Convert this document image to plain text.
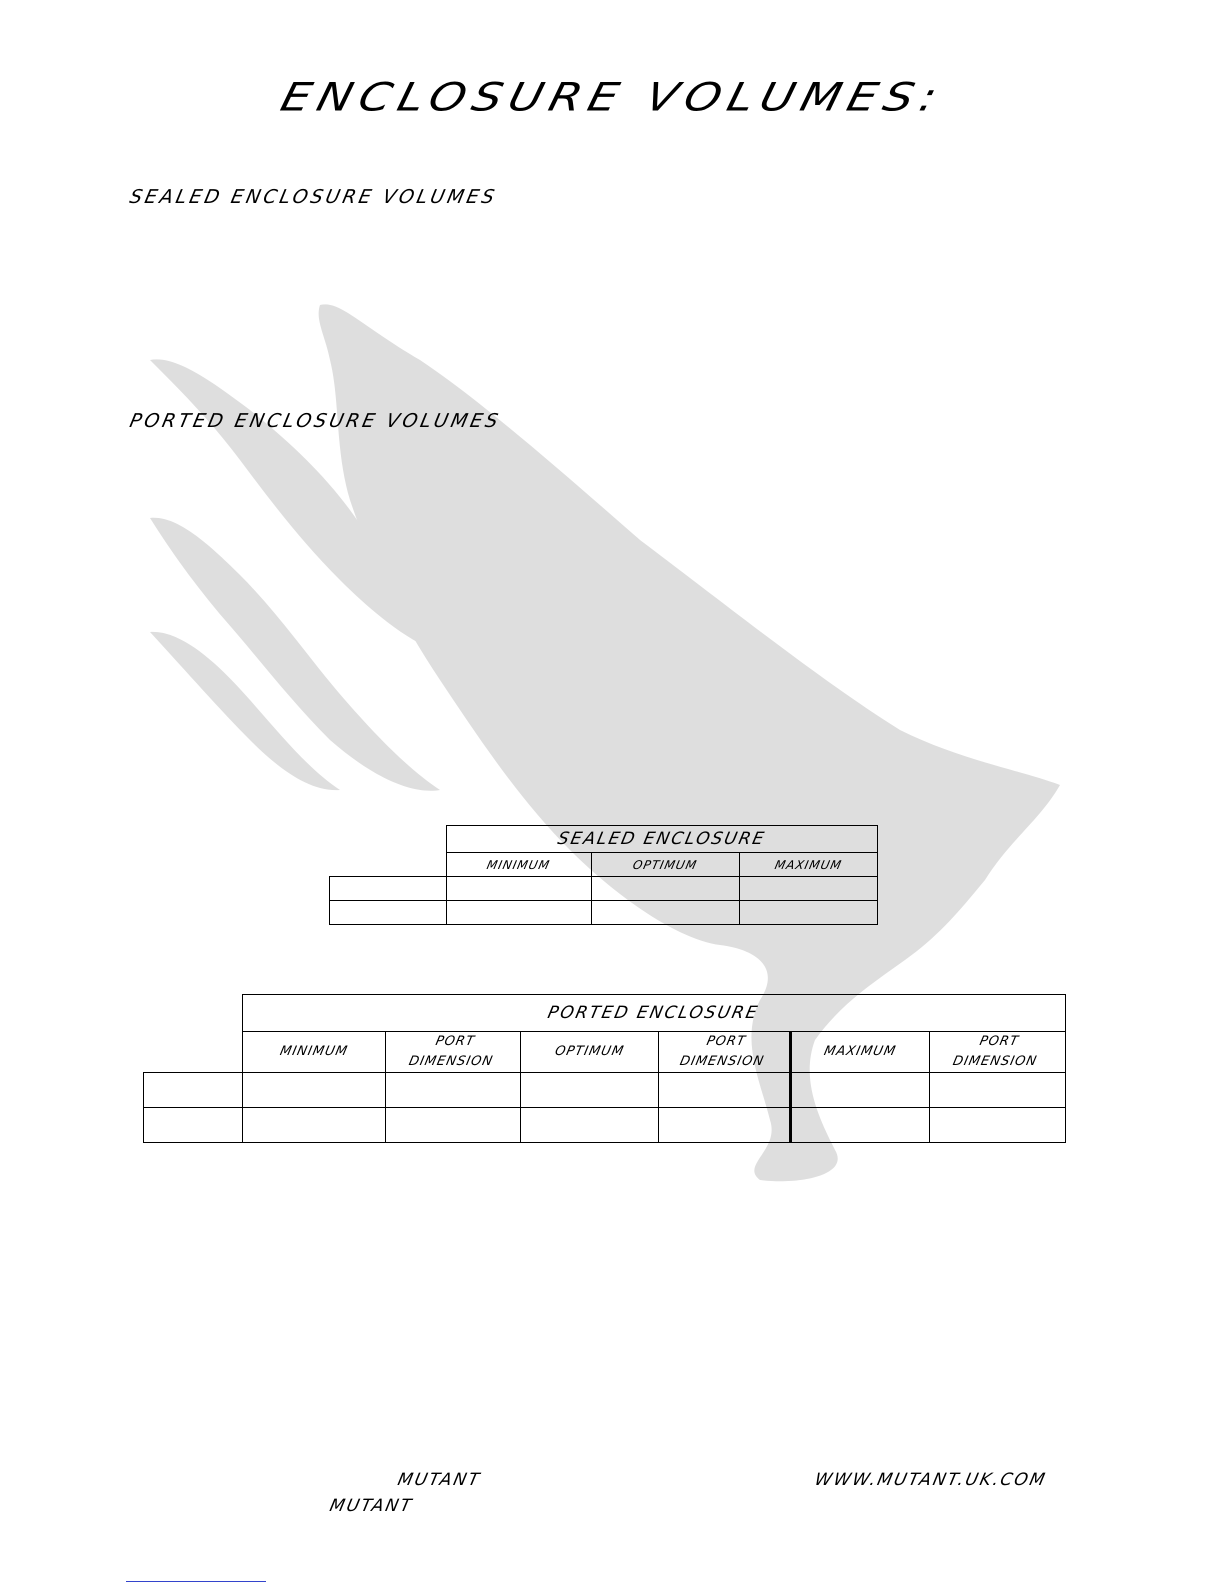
ENCLOSURE VOLUMES:
SEALED ENCLOSURE VOLUMES
PORTED ENCLOSURE VOLUMES
	SEALED ENCLOSURE		
	MINIMUM	OPTIMUM	MAXIMUM

	PORTED ENCLOSURE					
	MINIMUM	PORT DIMENSION	OPTIMUM	PORT DIMENSION	MAXIMUM	PORT DIMENSION

MUTANT	WWW.MUTANT.UK.COM
MUTANT
